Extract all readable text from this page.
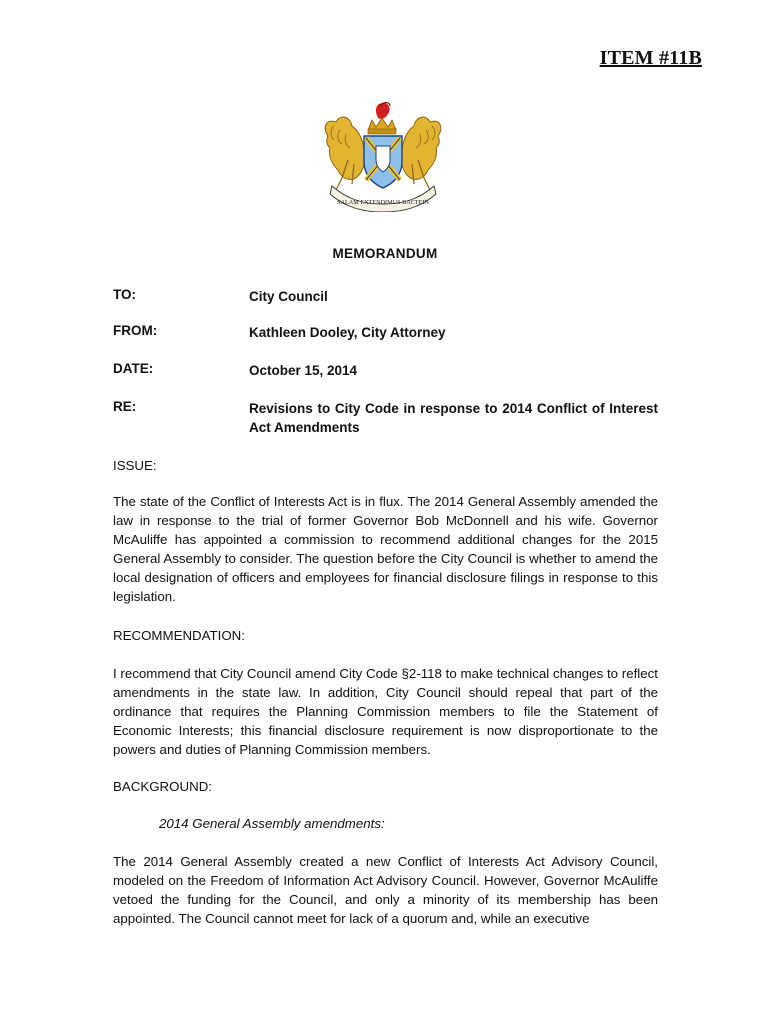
ITEM #11B
SALAM EXTENDIMUS BACTEIN
MEMORANDUM
TO:	City Council
FROM:	Kathleen Dooley, City Attorney
DATE:	October 15, 2014
RE:	Revisions to City Code in response to 2014 Conflict of Interest Act Amendments
ISSUE:
The state of the Conflict of Interests Act is in flux. The 2014 General Assembly amended the law in response to the trial of former Governor Bob McDonnell and his wife. Governor McAuliffe has appointed a commission to recommend additional changes for the 2015 General Assembly to consider. The question before the City Council is whether to amend the local designation of officers and employees for financial disclosure filings in response to this legislation.
RECOMMENDATION:
I recommend that City Council amend City Code §2-118 to make technical changes to reflect amendments in the state law. In addition, City Council should repeal that part of the ordinance that requires the Planning Commission members to file the Statement of Economic Interests; this financial disclosure requirement is now disproportionate to the powers and duties of Planning Commission members.
BACKGROUND:
2014 General Assembly amendments:
The 2014 General Assembly created a new Conflict of Interests Act Advisory Council, modeled on the Freedom of Information Act Advisory Council. However, Governor McAuliffe vetoed the funding for the Council, and only a minority of its membership has been appointed. The Council cannot meet for lack of a quorum and, while an executive
